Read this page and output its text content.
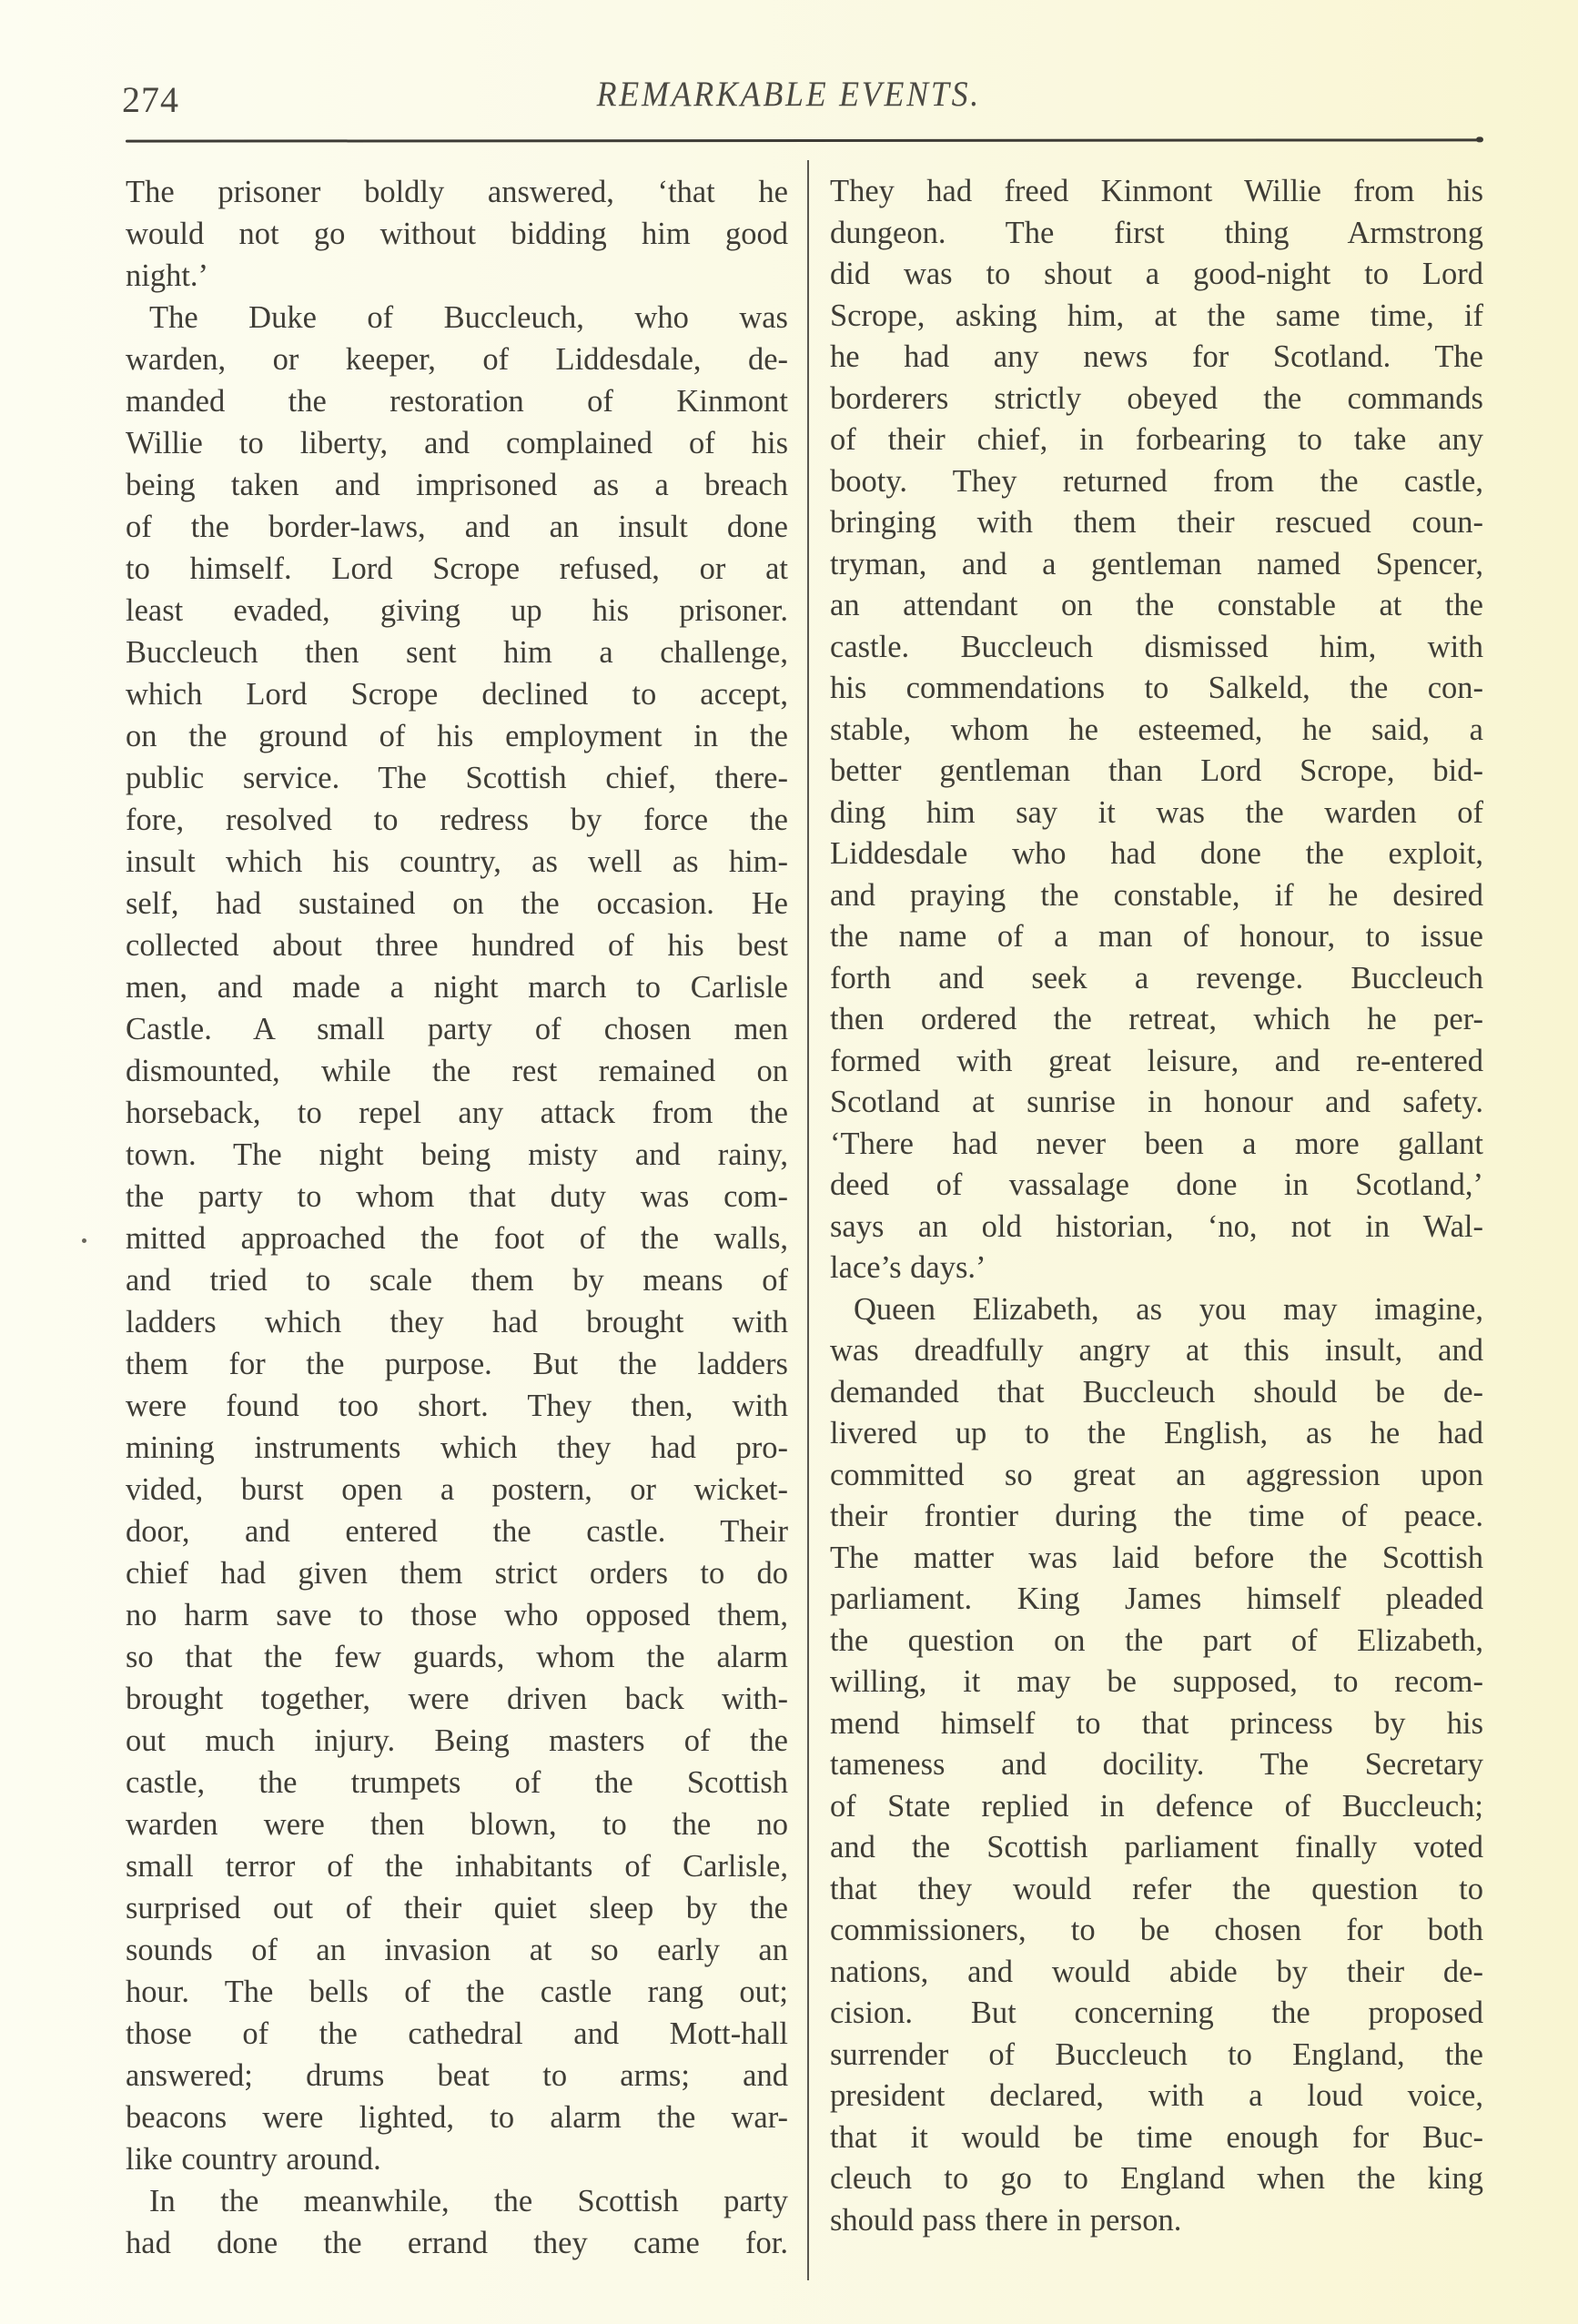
274	REMARKABLE EVENTS.
The prisoner boldly answered, ‘that he
would not go without bidding him good
night.’
The Duke of Buccleuch, who was
warden, or keeper, of Liddesdale, de-
manded the restoration of Kinmont
Willie to liberty, and complained of his
being taken and imprisoned as a breach
of the border-laws, and an insult done
to himself. Lord Scrope refused, or at
least evaded, giving up his prisoner.
Buccleuch then sent him a challenge,
which Lord Scrope declined to accept,
on the ground of his employment in the
public service. The Scottish chief, there-
fore, resolved to redress by force the
insult which his country, as well as him-
self, had sustained on the occasion. He
collected about three hundred of his best
men, and made a night march to Carlisle
Castle. A small party of chosen men
dismounted, while the rest remained on
horseback, to repel any attack from the
town. The night being misty and rainy,
the party to whom that duty was com-
mitted approached the foot of the walls,
and tried to scale them by means of
ladders which they had brought with
them for the purpose. But the ladders
were found too short. They then, with
mining instruments which they had pro-
vided, burst open a postern, or wicket-
door, and entered the castle. Their
chief had given them strict orders to do
no harm save to those who opposed them,
so that the few guards, whom the alarm
brought together, were driven back with-
out much injury. Being masters of the
castle, the trumpets of the Scottish
warden were then blown, to the no
small terror of the inhabitants of Carlisle,
surprised out of their quiet sleep by the
sounds of an invasion at so early an
hour. The bells of the castle rang out;
those of the cathedral and Mott-hall
answered; drums beat to arms; and
beacons were lighted, to alarm the war-
like country around.
In the meanwhile, the Scottish party
had done the errand they came for.
They had freed Kinmont Willie from his
dungeon. The first thing Armstrong
did was to shout a good-night to Lord
Scrope, asking him, at the same time, if
he had any news for Scotland. The
borderers strictly obeyed the commands
of their chief, in forbearing to take any
booty. They returned from the castle,
bringing with them their rescued coun-
tryman, and a gentleman named Spencer,
an attendant on the constable at the
castle. Buccleuch dismissed him, with
his commendations to Salkeld, the con-
stable, whom he esteemed, he said, a
better gentleman than Lord Scrope, bid-
ding him say it was the warden of
Liddesdale who had done the exploit,
and praying the constable, if he desired
the name of a man of honour, to issue
forth and seek a revenge. Buccleuch
then ordered the retreat, which he per-
formed with great leisure, and re-entered
Scotland at sunrise in honour and safety.
‘There had never been a more gallant
deed of vassalage done in Scotland,’
says an old historian, ‘no, not in Wal-
lace’s days.’
Queen Elizabeth, as you may imagine,
was dreadfully angry at this insult, and
demanded that Buccleuch should be de-
livered up to the English, as he had
committed so great an aggression upon
their frontier during the time of peace.
The matter was laid before the Scottish
parliament. King James himself pleaded
the question on the part of Elizabeth,
willing, it may be supposed, to recom-
mend himself to that princess by his
tameness and docility. The Secretary
of State replied in defence of Buccleuch;
and the Scottish parliament finally voted
that they would refer the question to
commissioners, to be chosen for both
nations, and would abide by their de-
cision. But concerning the proposed
surrender of Buccleuch to England, the
president declared, with a loud voice,
that it would be time enough for Buc-
cleuch to go to England when the king
should pass there in person.
